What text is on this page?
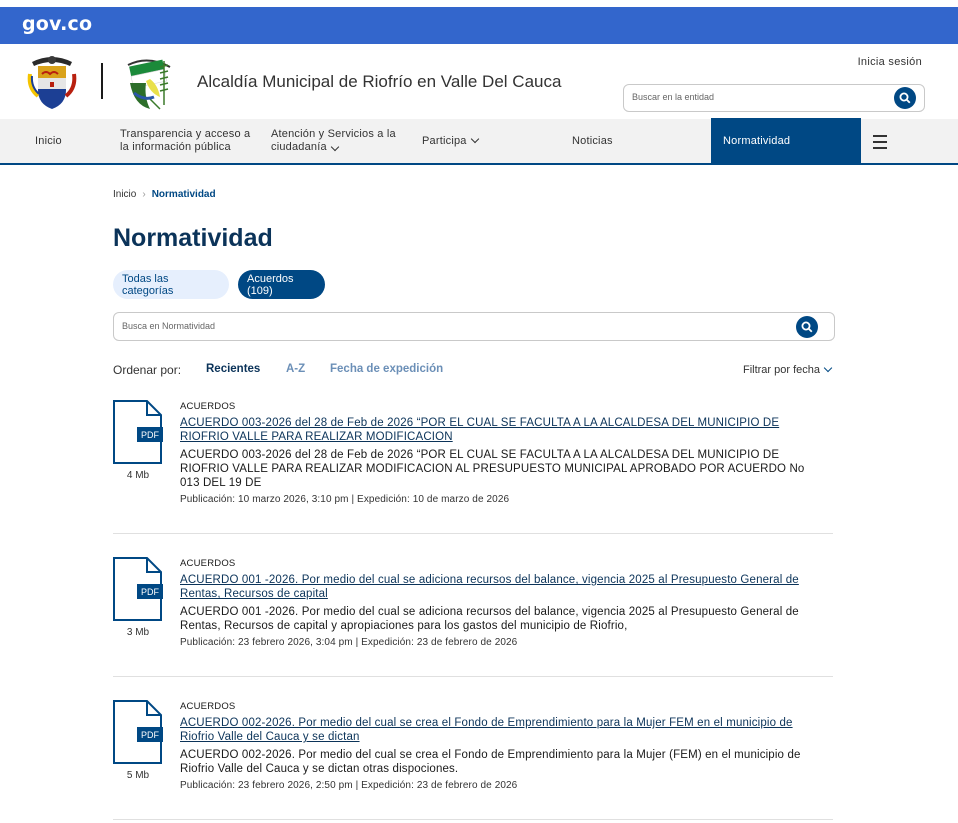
gov.co
Alcaldía Municipal de Riofrío en Valle Del Cauca
Inicia sesión
Buscar en la entidad
Inicio
Transparencia y acceso a la información pública
Atención y Servicios a la ciudadanía
Participa	Noticias	Normatividad
Inicio › Normatividad
Normatividad
Todas las categorías
Acuerdos (109)
Busca en Normatividad
Ordenar por: Recientes A-Z Fecha de expedición	Filtrar por fecha
PDF
4 Mb
ACUERDOS
ACUERDO 003-2026 del 28 de Feb de 2026 “POR EL CUAL SE FACULTA A LA ALCALDESA DEL MUNICIPIO DE RIOFRIO VALLE PARA REALIZAR MODIFICACION
ACUERDO 003-2026 del 28 de Feb de 2026 “POR EL CUAL SE FACULTA A LA ALCALDESA DEL MUNICIPIO DE RIOFRIO VALLE PARA REALIZAR MODIFICACION AL PRESUPUESTO MUNICIPAL APROBADO POR ACUERDO No 013 DEL 19 DE
Publicación: 10 marzo 2026, 3:10 pm | Expedición: 10 de marzo de 2026
PDF
3 Mb
ACUERDOS
ACUERDO 001 -2026. Por medio del cual se adiciona recursos del balance, vigencia 2025 al Presupuesto General de Rentas, Recursos de capital
ACUERDO 001 -2026. Por medio del cual se adiciona recursos del balance, vigencia 2025 al Presupuesto General de Rentas, Recursos de capital y apropiaciones para los gastos del municipio de Riofrio,
Publicación: 23 febrero 2026, 3:04 pm | Expedición: 23 de febrero de 2026
PDF
5 Mb
ACUERDOS
ACUERDO 002-2026. Por medio del cual se crea el Fondo de Emprendimiento para la Mujer FEM en el municipio de Riofrio Valle del Cauca y se dictan
ACUERDO 002-2026. Por medio del cual se crea el Fondo de Emprendimiento para la Mujer (FEM) en el municipio de Riofrio Valle del Cauca y se dictan otras dispociones.
Publicación: 23 febrero 2026, 2:50 pm | Expedición: 23 de febrero de 2026
